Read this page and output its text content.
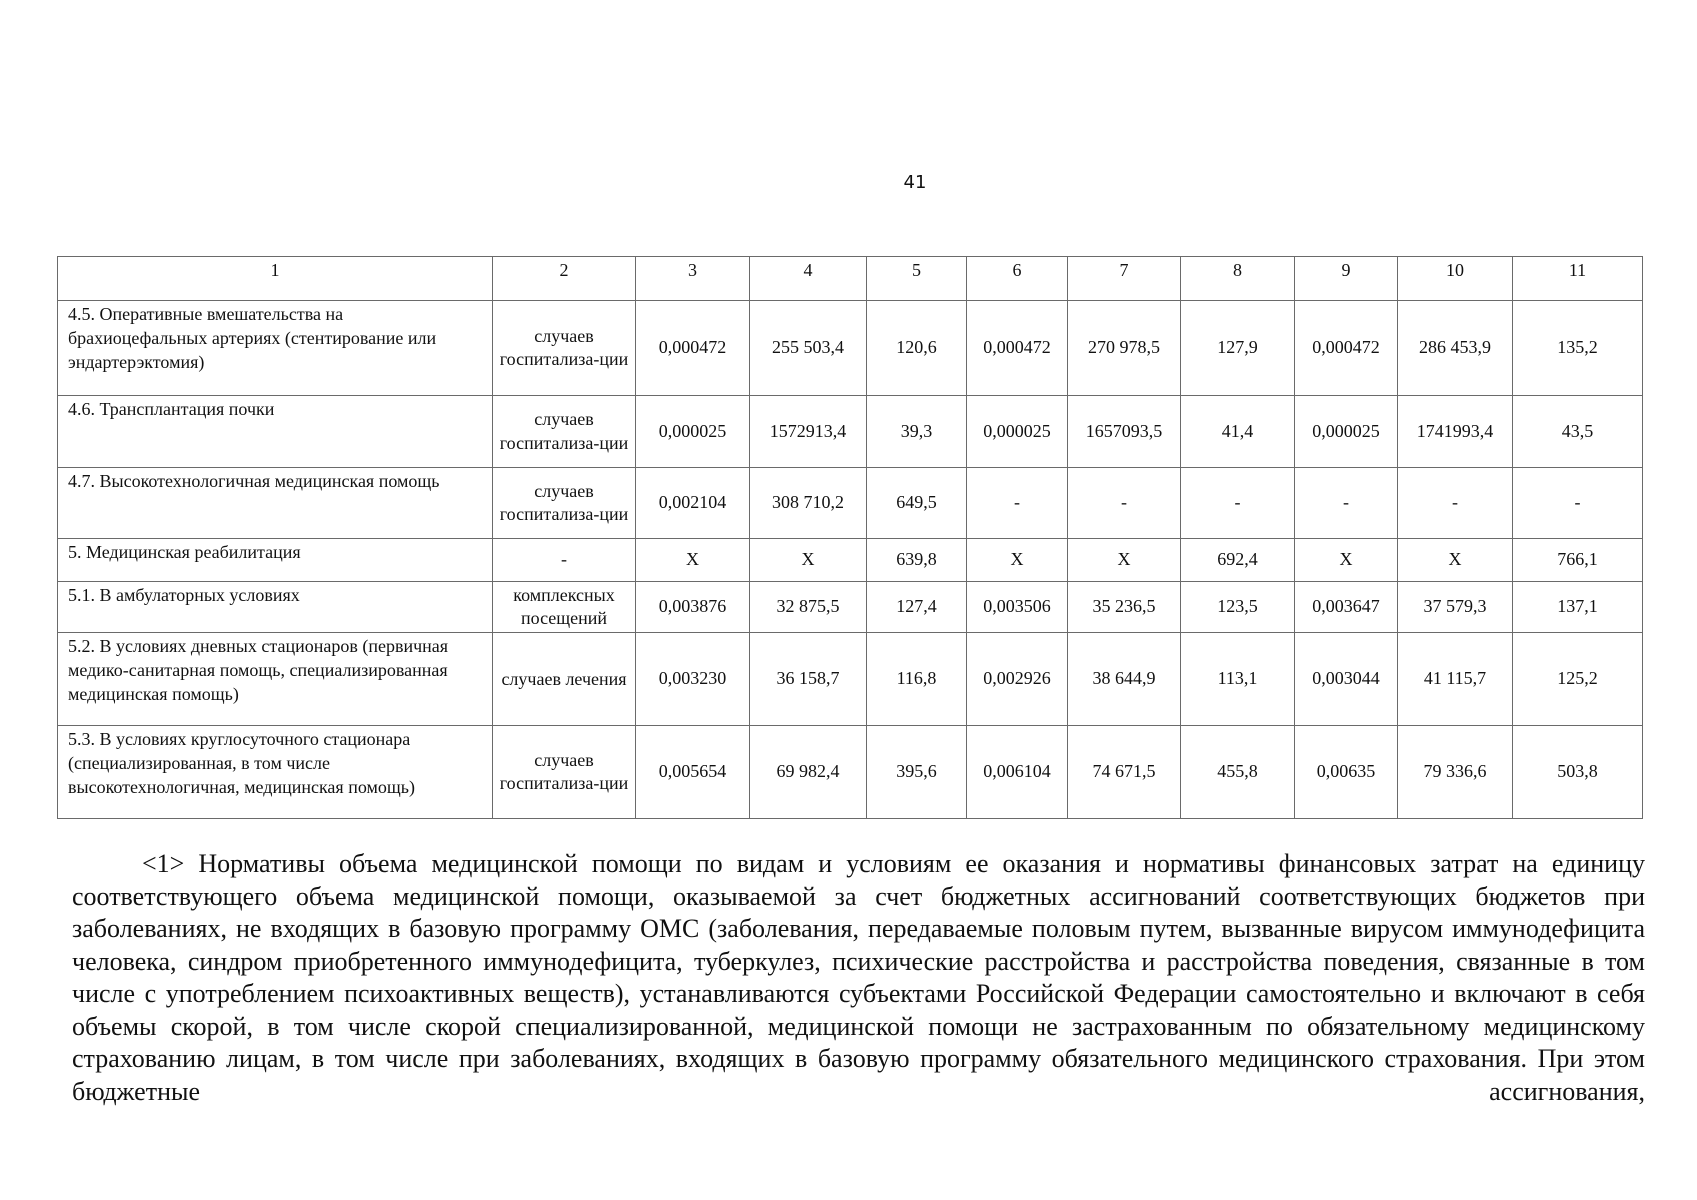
41
1	2	3	4	5	6	7	8	9	10	11
4.5. Оперативные вмешательства на брахиоцефальных артериях (стентирование или эндартерэктомия)	случаев госпитализа-ции	0,000472	255 503,4	120,6	0,000472	270 978,5	127,9	0,000472	286 453,9	135,2
4.6. Трансплантация почки	случаев госпитализа-ции	0,000025	1572913,4	39,3	0,000025	1657093,5	41,4	0,000025	1741993,4	43,5
4.7. Высокотехнологичная медицинская помощь	случаев госпитализа-ции	0,002104	308 710,2	649,5	-	-	-	-	-	-
5. Медицинская реабилитация	-	Х	Х	639,8	Х	Х	692,4	Х	Х	766,1
5.1. В амбулаторных условиях	комплексных посещений	0,003876	32 875,5	127,4	0,003506	35 236,5	123,5	0,003647	37 579,3	137,1
5.2. В условиях дневных стационаров (первичная медико-санитарная помощь, специализированная медицинская помощь)	случаев лечения	0,003230	36 158,7	116,8	0,002926	38 644,9	113,1	0,003044	41 115,7	125,2
5.3. В условиях круглосуточного стационара (специализированная, в том числе высокотехнологичная, медицинская помощь)	случаев госпитализа-ции	0,005654	69 982,4	395,6	0,006104	74 671,5	455,8	0,00635	79 336,6	503,8

<1> Нормативы объема медицинской помощи по видам и условиям ее оказания и нормативы финансовых затрат на единицу соответствующего объема медицинской помощи, оказываемой за счет бюджетных ассигнований соответствующих бюджетов при заболеваниях, не входящих в базовую программу ОМС (заболевания, передаваемые половым путем, вызванные вирусом иммунодефицита человека, синдром приобретенного иммунодефицита, туберкулез, психические расстройства и расстройства поведения, связанные в том числе с употреблением психоактивных веществ), устанавливаются субъектами Российской Федерации самостоятельно и включают в себя объемы скорой, в том числе скорой специализированной, медицинской помощи не застрахованным по обязательному медицинскому страхованию лицам, в том числе при заболеваниях, входящих в базовую программу обязательного медицинского страхования. При этом бюджетные ассигнования,
